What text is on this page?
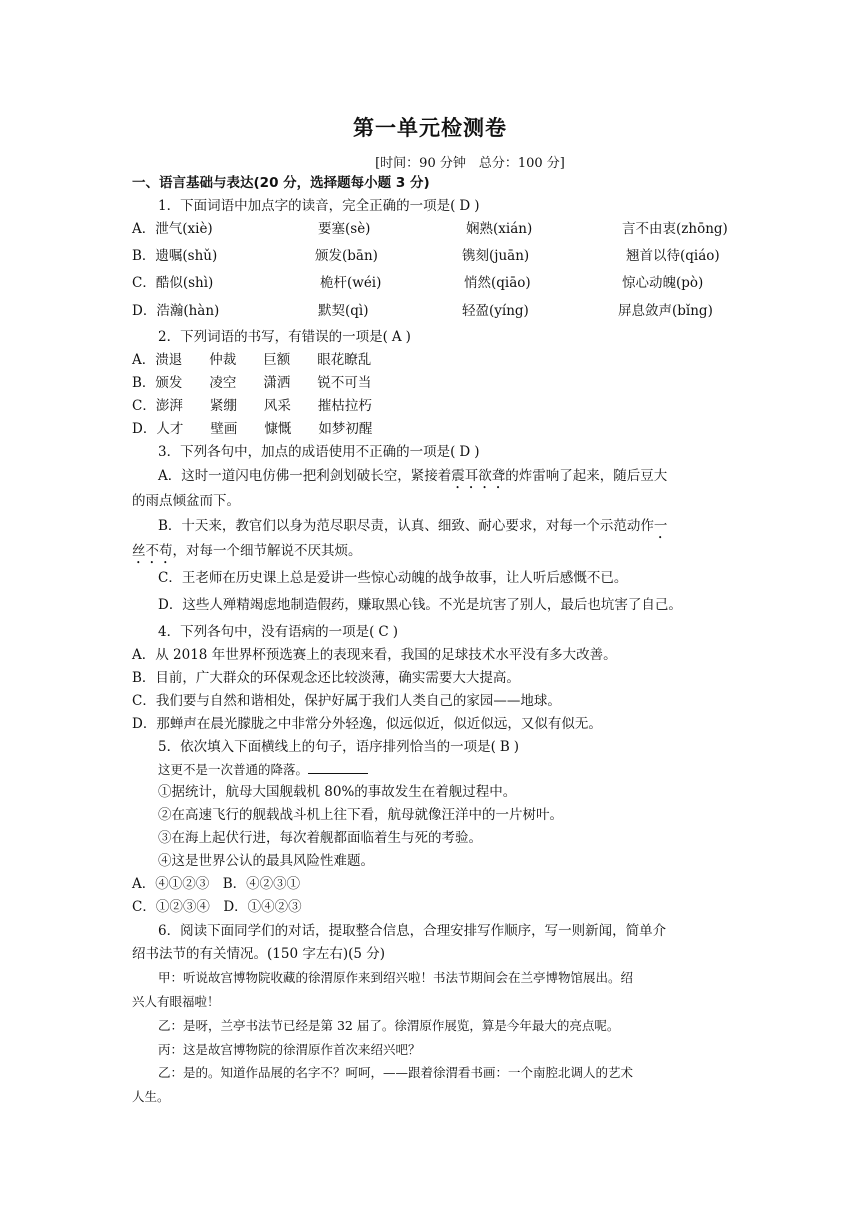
第一单元检测卷
[时间：90 分钟　总分：100 分]
一、语言基础与表达(20 分，选择题每小题 3 分)
1．下面词语中加点字的读音，完全正确的一项是( D )
A．泄气(xiè)	要塞(sè)	娴熟(xián)	言不由衷(zhōng)
B．遗嘱(shǔ)	颁发(bān)	镌刻(juān)	翘首以待(qiáo)
C．酷似(shì)	桅杆(wéi)	悄然(qiāo)	惊心动魄(pò)
D．浩瀚(hàn)	默契(qì)	轻盈(yíng)	屏息敛声(bǐng)
2．下列词语的书写，有错误的一项是( A )
A．溃退　　仲裁　　巨额　　眼花瞭乱
B．颁发　　凌空　　潇洒　　锐不可当
C．澎湃　　紧绷　　风采　　摧枯拉朽
D．人才　　壁画　　慷慨　　如梦初醒
3．下列各句中，加点的成语使用不正确的一项是( D )
A．这时一道闪电仿佛一把利剑划破长空，紧接着震耳欲聋的炸雷响了起来，随后豆大
的雨点倾盆而下。
B．十天来，教官们以身为范尽职尽责，认真、细致、耐心要求，对每一个示范动作一
丝不苟，对每一个细节解说不厌其烦。
C．王老师在历史课上总是爱讲一些惊心动魄的战争故事，让人听后感慨不已。
D．这些人殚精竭虑地制造假药，赚取黑心钱。不光是坑害了别人，最后也坑害了自己。
4．下列各句中，没有语病的一项是( C )
A．从 2018 年世界杯预选赛上的表现来看，我国的足球技术水平没有多大改善。
B．目前，广大群众的环保观念还比较淡薄，确实需要大大提高。
C．我们要与自然和谐相处，保护好属于我们人类自己的家园——地球。
D．那蝉声在晨光朦胧之中非常分外轻逸，似远似近，似近似远，又似有似无。
5．依次填入下面横线上的句子，语序排列恰当的一项是( B )
这更不是一次普通的降落。
①据统计，航母大国舰载机 80%的事故发生在着舰过程中。
②在高速飞行的舰载战斗机上往下看，航母就像汪洋中的一片树叶。
③在海上起伏行进，每次着舰都面临着生与死的考验。
④这是世界公认的最具风险性难题。
A．④①②③　B．④②③①
C．①②③④　D．①④②③
6．阅读下面同学们的对话，提取整合信息，合理安排写作顺序，写一则新闻，简单介
绍书法节的有关情况。(150 字左右)(5 分)
甲：听说故宫博物院收藏的徐渭原作来到绍兴啦！书法节期间会在兰亭博物馆展出。绍
兴人有眼福啦！
乙：是呀，兰亭书法节已经是第 32 届了。徐渭原作展览，算是今年最大的亮点呢。
丙：这是故宫博物院的徐渭原作首次来绍兴吧？
乙：是的。知道作品展的名字不？呵呵，——跟着徐渭看书画：一个南腔北调人的艺术
人生。
